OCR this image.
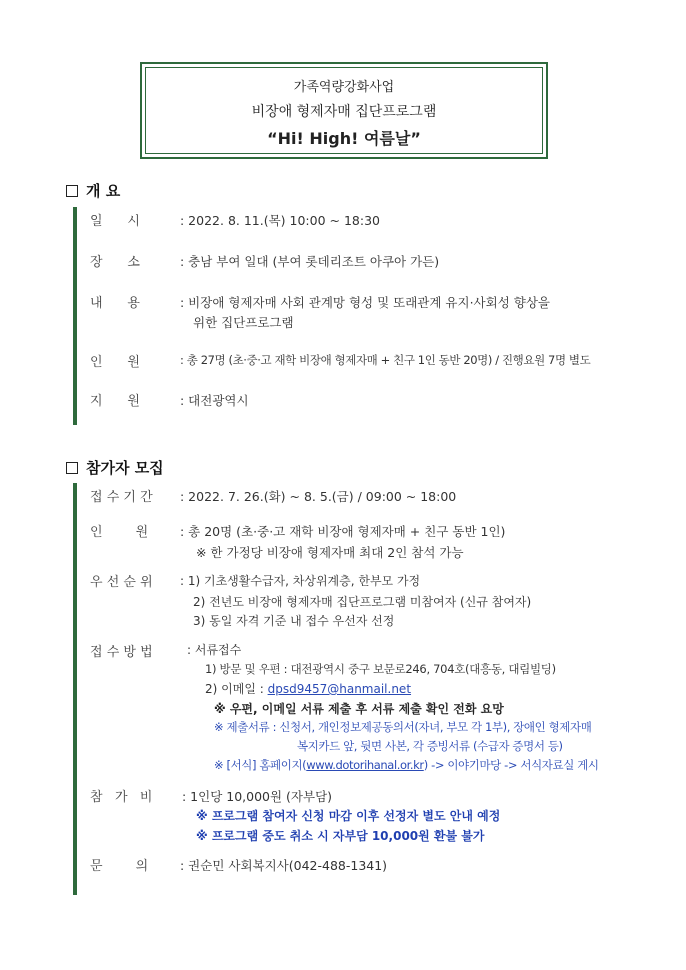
가족역량강화사업
비장애 형제자매 집단프로그램
“Hi! High! 여름날”
개 요
일      시	: 2022. 8. 11.(목) 10:00 ~ 18:30
장      소	: 충남 부여 일대 (부여 롯데리조트 아쿠아 가든)
내      용	: 비장애 형제자매 사회 관계망 형성 및 또래관계 유지·사회성 향상을
위한 집단프로그램
인      원	: 총 27명 (초·중·고 재학 비장애 형제자매 + 친구 1인 동반 20명) / 진행요원 7명 별도
지      원	: 대전광역시
참가자 모집
접 수 기 간 : 2022. 7. 26.(화) ~ 8. 5.(금) / 09:00 ~ 18:00
인        원	: 총 20명 (초·중·고 재학 비장애 형제자매 + 친구 동반 1인)
※ 한 가정당 비장애 형제자매 최대 2인 참석 가능
우 선 순 위 : 1) 기초생활수급자, 차상위계층, 한부모 가정
2) 전년도 비장애 형제자매 집단프로그램 미참여자 (신규 참여자)
3) 동일 자격 기준 내 접수 우선자 선정
접 수 방 법	: 서류접수
1) 방문 및 우편 : 대전광역시 중구 보문로246, 704호(대흥동, 대림빌딩)
2) 이메일 : dpsd9457@hanmail.net
※ 우편, 이메일 서류 제출 후 서류 제출 확인 전화 요망
※ 제출서류 : 신청서, 개인정보제공동의서(자녀, 부모 각 1부), 장애인 형제자매
복지카드 앞, 뒷면 사본, 각 증빙서류 (수급자 증명서 등)
※ [서식] 홈페이지(www.dotorihanal.or.kr) -> 이야기마당 -> 서식자료실 게시
참   가   비 : 1인당 10,000원 (자부담)
※ 프로그램 참여자 신청 마감 이후 선정자 별도 안내 예정
※ 프로그램 중도 취소 시 자부담 10,000원 환불 불가
문        의	: 권순민 사회복지사(042-488-1341)
